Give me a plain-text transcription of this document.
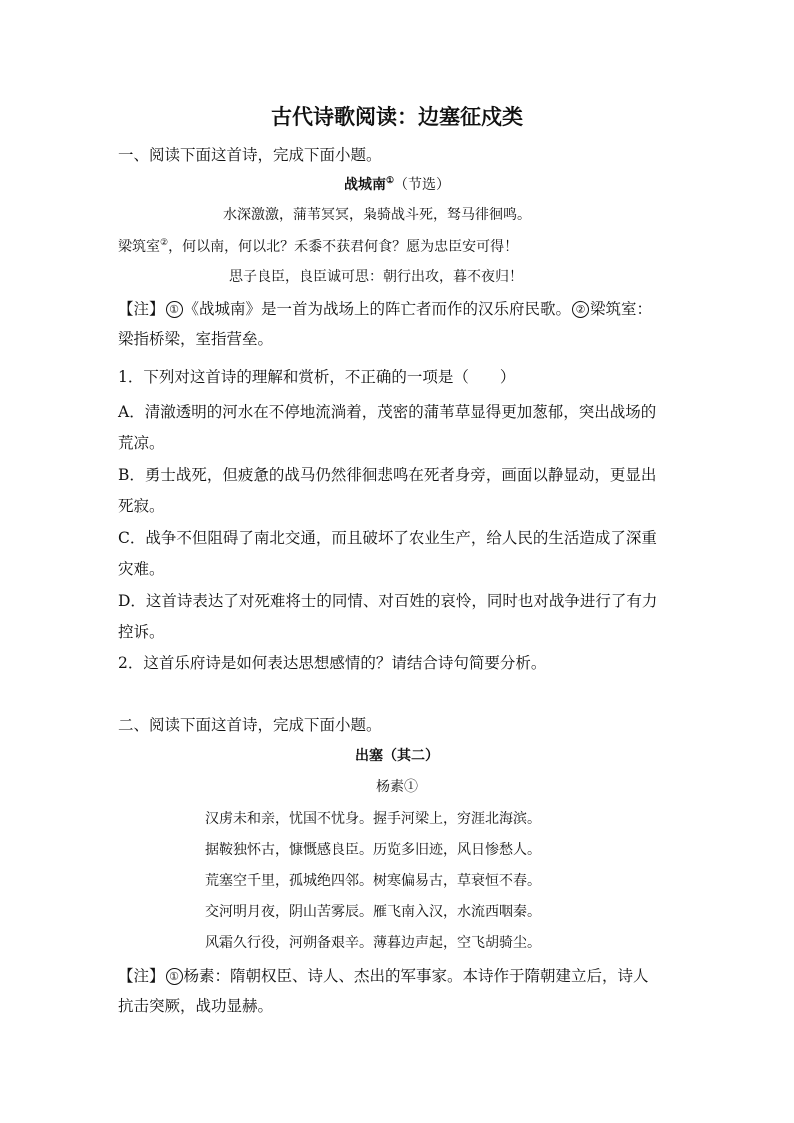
古代诗歌阅读：边塞征戍类
一、阅读下面这首诗，完成下面小题。
战城南①（节选）
水深激激，蒲苇冥冥，枭骑战斗死，驽马徘徊鸣。
梁筑室②，何以南，何以北？禾黍不获君何食？愿为忠臣安可得！
思子良臣，良臣诚可思：朝行出攻，暮不夜归！
【注】 ① 《战城南》是一首为战场上的阵亡者而作的汉乐府民歌。 ② 梁筑室：
梁指桥梁，室指营垒。
1．下列对这首诗的理解和赏析，不正确的一项是（　　）
A．清澈透明的河水在不停地流淌着，茂密的蒲苇草显得更加葱郁，突出战场的
荒凉。
B．勇士战死，但疲惫的战马仍然徘徊悲鸣在死者身旁，画面以静显动，更显出
死寂。
C．战争不但阻碍了南北交通，而且破坏了农业生产，给人民的生活造成了深重
灾难。
D．这首诗表达了对死难将士的同情、对百姓的哀怜，同时也对战争进行了有力
控诉。
2．这首乐府诗是如何表达思想感情的？请结合诗句简要分析。
二、阅读下面这首诗，完成下面小题。
出塞（其二）
杨素①
汉虏未和亲，忧国不忧身。握手河梁上，穷涯北海滨。
据鞍独怀古，慷慨感良臣。历览多旧迹，风日惨愁人。
荒塞空千里，孤城绝四邻。树寒偏易古，草衰恒不春。
交河明月夜，阴山苦雾辰。雁飞南入汉，水流西咽秦。
风霜久行役，河朔备艰辛。薄暮边声起，空飞胡骑尘。
【注】 ① 杨素：隋朝权臣、诗人、杰出的军事家。本诗作于隋朝建立后，诗人
抗击突厥，战功显赫。
